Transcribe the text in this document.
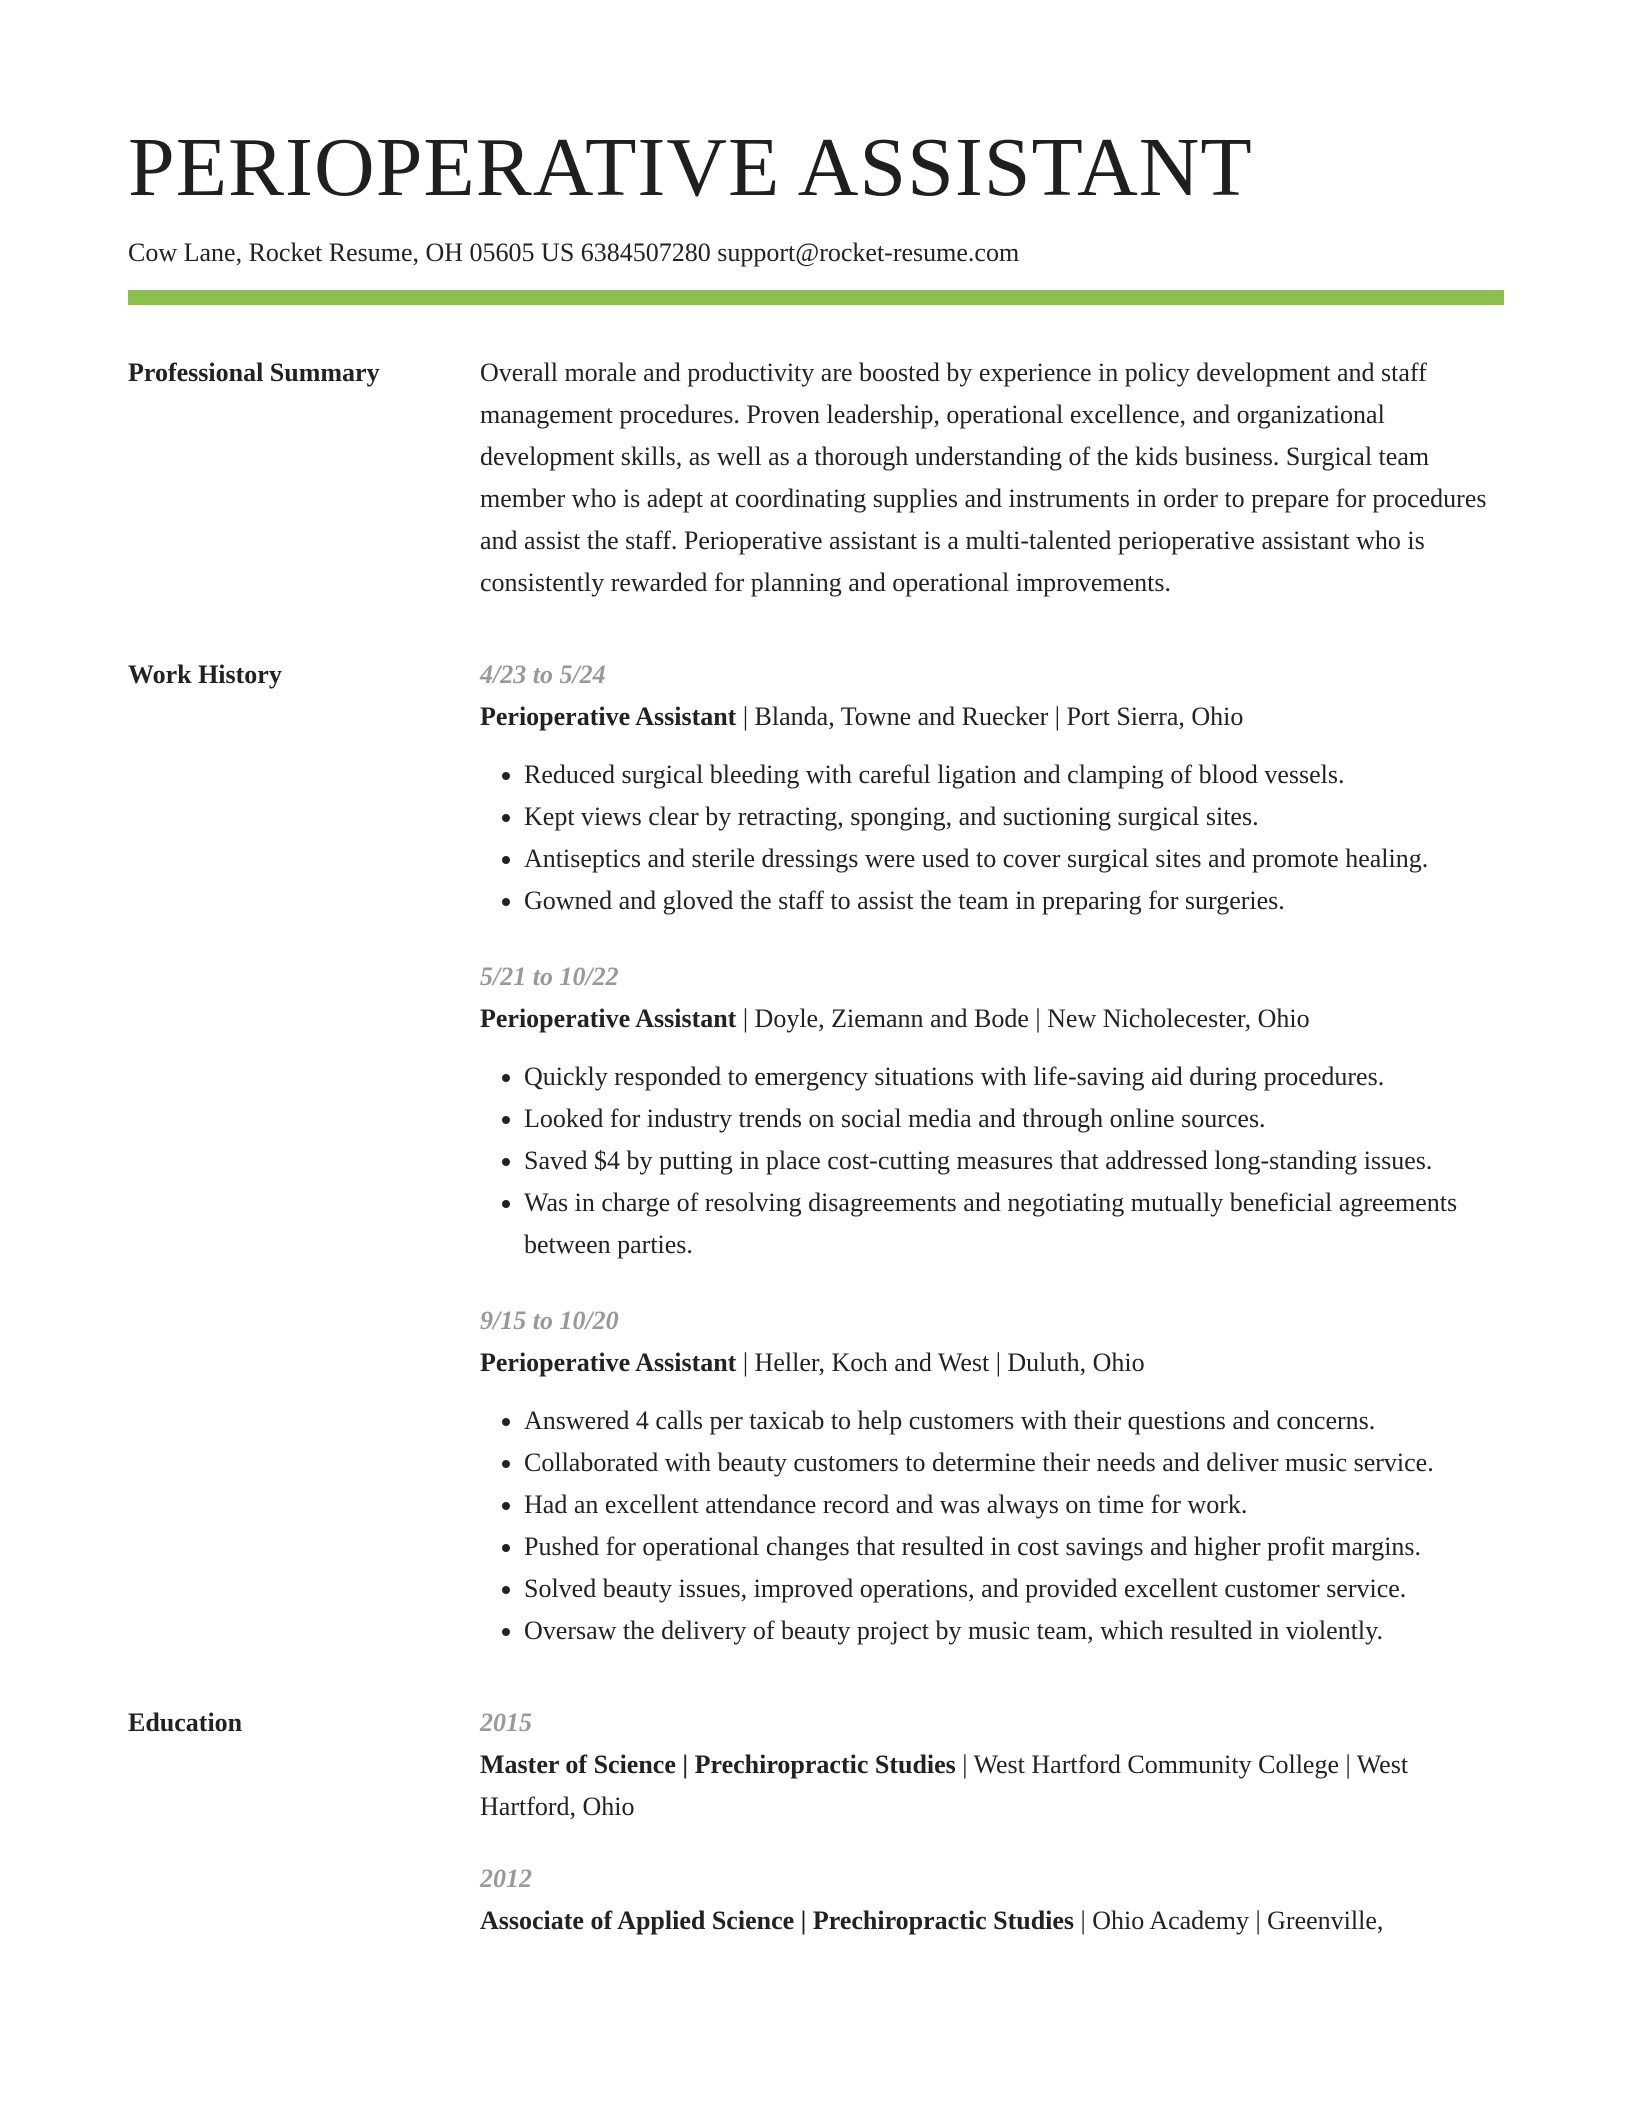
PERIOPERATIVE ASSISTANT
Cow Lane, Rocket Resume, OH 05605 US 6384507280 support@rocket-resume.com
Professional Summary	Overall morale and productivity are boosted by experience in policy development and staff management procedures. Proven leadership, operational excellence, and organizational development skills, as well as a thorough understanding of the kids business. Surgical team member who is adept at coordinating supplies and instruments in order to prepare for procedures and assist the staff. Perioperative assistant is a multi-talented perioperative assistant who is consistently rewarded for planning and operational improvements.

Work History	4/23 to 5/24
Perioperative Assistant | Blanda, Towne and Ruecker | Port Sierra, Ohio
• Reduced surgical bleeding with careful ligation and clamping of blood vessels.
• Kept views clear by retracting, sponging, and suctioning surgical sites.
• Antiseptics and sterile dressings were used to cover surgical sites and promote healing.
• Gowned and gloved the staff to assist the team in preparing for surgeries.
5/21 to 10/22
Perioperative Assistant | Doyle, Ziemann and Bode | New Nicholecester, Ohio
• Quickly responded to emergency situations with life-saving aid during procedures.
• Looked for industry trends on social media and through online sources.
• Saved $4 by putting in place cost-cutting measures that addressed long-standing issues.
• Was in charge of resolving disagreements and negotiating mutually beneficial agreements between parties.
9/15 to 10/20
Perioperative Assistant | Heller, Koch and West | Duluth, Ohio
• Answered 4 calls per taxicab to help customers with their questions and concerns.
• Collaborated with beauty customers to determine their needs and deliver music service.
• Had an excellent attendance record and was always on time for work.
• Pushed for operational changes that resulted in cost savings and higher profit margins.
• Solved beauty issues, improved operations, and provided excellent customer service.
• Oversaw the delivery of beauty project by music team, which resulted in violently.
Education	2015
Master of Science | Prechiropractic Studies | West Hartford Community College | West Hartford, Ohio
2012
Associate of Applied Science | Prechiropractic Studies | Ohio Academy | Greenville,
